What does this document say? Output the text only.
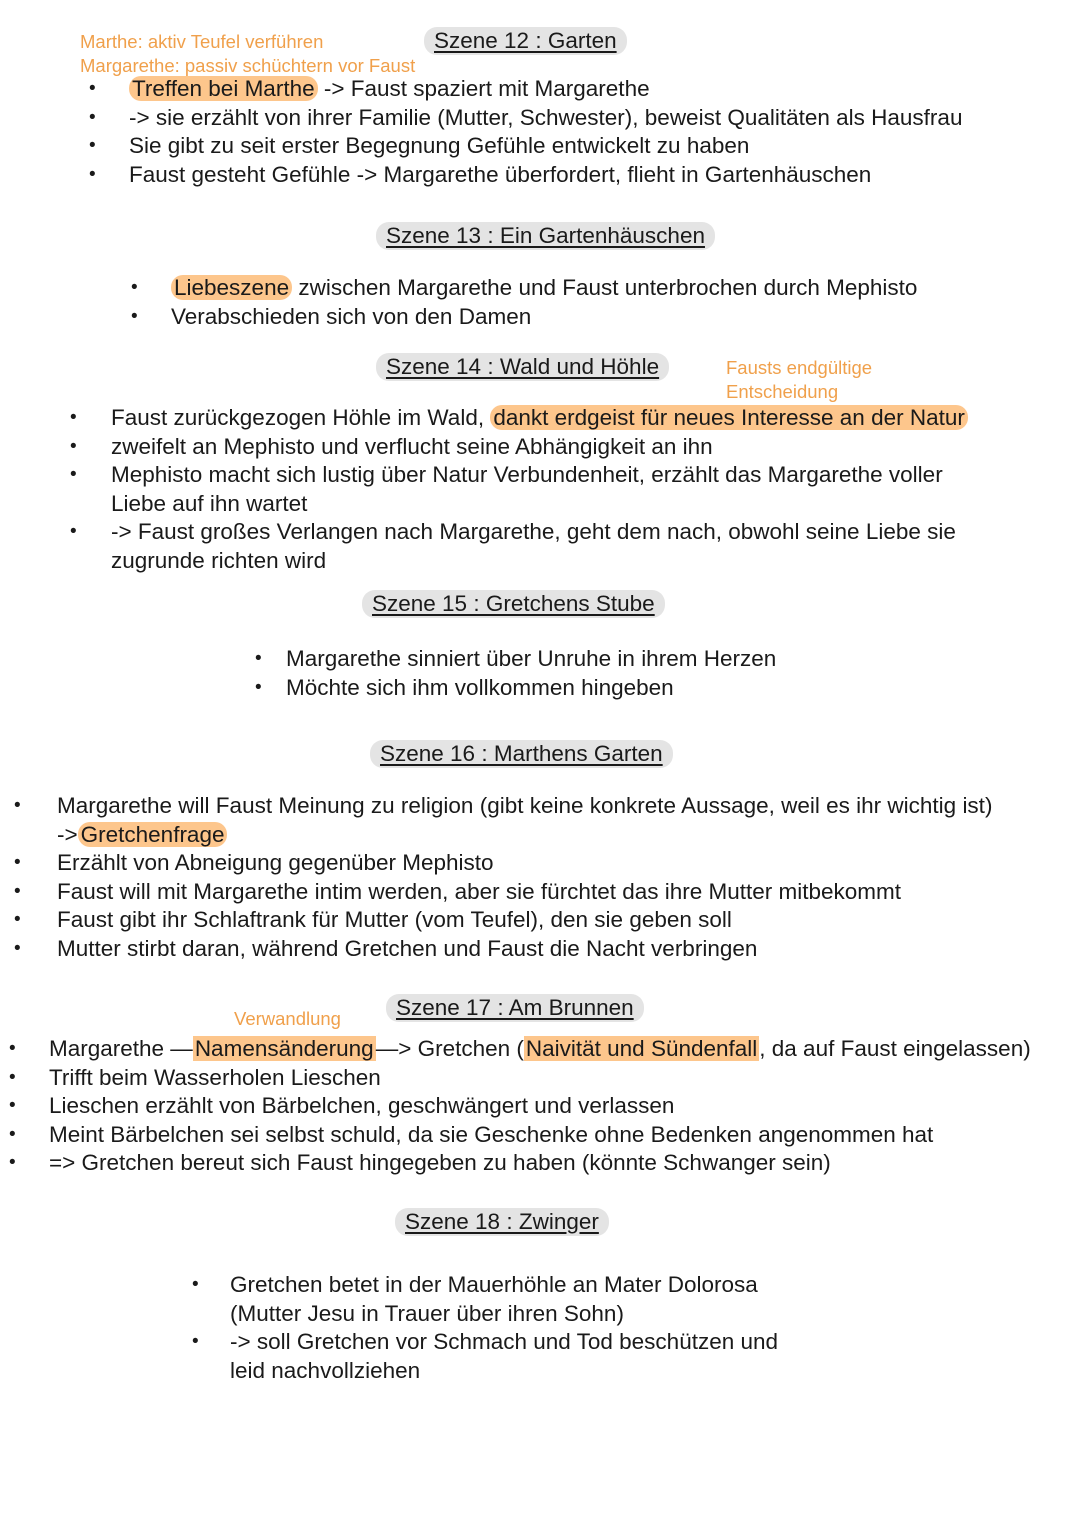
Marthe: aktiv Teufel verführen
Margarethe: passiv schüchtern vor Faust
Szene 12 : Garten
• Treffen bei Marthe -> Faust spaziert mit Margarethe
• -> sie erzählt von ihrer Familie (Mutter, Schwester), beweist Qualitäten als Hausfrau
• Sie gibt zu seit erster Begegnung Gefühle entwickelt zu haben
• Faust gesteht Gefühle -> Margarethe überfordert, flieht in Gartenhäuschen
Szene 13 : Ein Gartenhäuschen
• Liebeszene zwischen Margarethe und Faust unterbrochen durch Mephisto
• Verabschieden sich von den Damen
Szene 14 : Wald und Höhle	Fausts endgültige
Entscheidung
• Faust zurückgezogen Höhle im Wald, dankt erdgeist für neues Interesse an der Natur
• zweifelt an Mephisto und verflucht seine Abhängigkeit an ihn
• Mephisto macht sich lustig über Natur Verbundenheit, erzählt das Margarethe voller
Liebe auf ihn wartet
• -> Faust großes Verlangen nach Margarethe, geht dem nach, obwohl seine Liebe sie
zugrunde richten wird
Szene 15 : Gretchens Stube
• Margarethe sinniert über Unruhe in ihrem Herzen
• Möchte sich ihm vollkommen hingeben
Szene 16 : Marthens Garten
• Margarethe will Faust Meinung zu religion (gibt keine konkrete Aussage, weil es ihr wichtig ist)
-> Gretchenfrage
• Erzählt von Abneigung gegenüber Mephisto
• Faust will mit Margarethe intim werden, aber sie fürchtet das ihre Mutter mitbekommt
• Faust gibt ihr Schlaftrank für Mutter (vom Teufel), den sie geben soll
• Mutter stirbt daran, während Gretchen und Faust die Nacht verbringen
Verwandlung	Szene 17 : Am Brunnen
• Margarethe —Namensänderung—> Gretchen (Naivität und Sündenfall, da auf Faust eingelassen)
• Trifft beim Wasserholen Lieschen
• Lieschen erzählt von Bärbelchen, geschwängert und verlassen
• Meint Bärbelchen sei selbst schuld, da sie Geschenke ohne Bedenken angenommen hat
• => Gretchen bereut sich Faust hingegeben zu haben (könnte Schwanger sein)
Szene 18 : Zwinger
• Gretchen betet in der Mauerhöhle an Mater Dolorosa
(Mutter Jesu in Trauer über ihren Sohn)
• -> soll Gretchen vor Schmach und Tod beschützen und
leid nachvollziehen
